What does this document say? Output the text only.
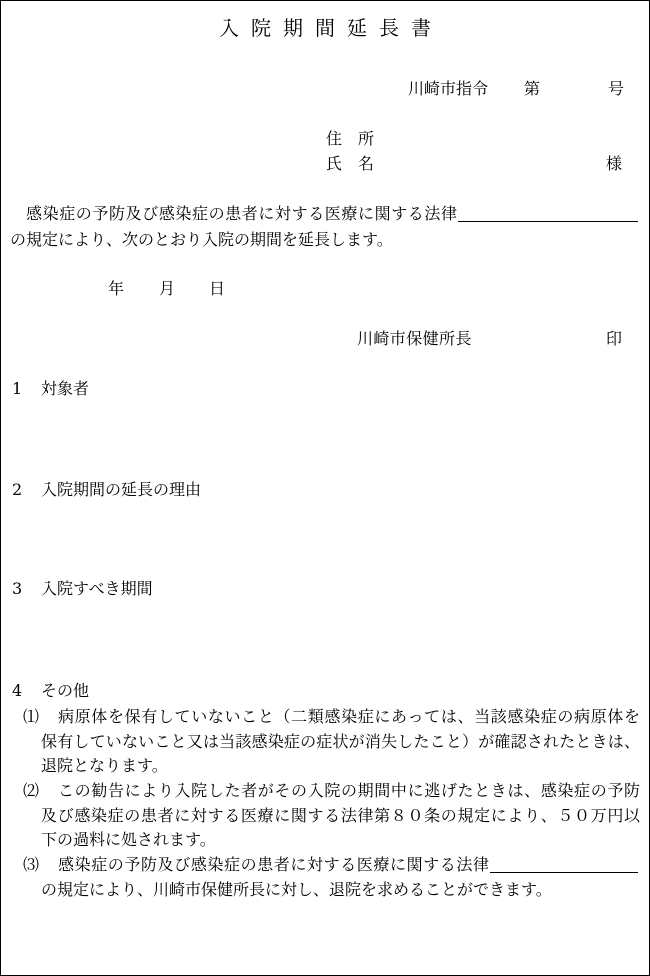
入院期間延長書
川崎市指令 第	号
住　所
氏　名	様
感染症の予防及び感染症の患者に対する医療に関する法律
の規定により、次のとおり入院の期間を延長します。
年 月 日
川崎市保健所長	印
1 対象者
2 入院期間の延長の理由
3 入院すべき期間
4 その他
⑴ 病原体を保有していないこと（二類感染症にあっては、当該感染症の病原体を
保有していないこと又は当該感染症の症状が消失したこと）が確認されたときは、
退院となります。
⑵ この勧告により入院した者がその入院の期間中に逃げたときは、感染症の予防
及び感染症の患者に対する医療に関する法律第８０条の規定により、５０万円以
下の過料に処されます。
⑶ 感染症の予防及び感染症の患者に対する医療に関する法律
の規定により、川崎市保健所長に対し、退院を求めることができます。
